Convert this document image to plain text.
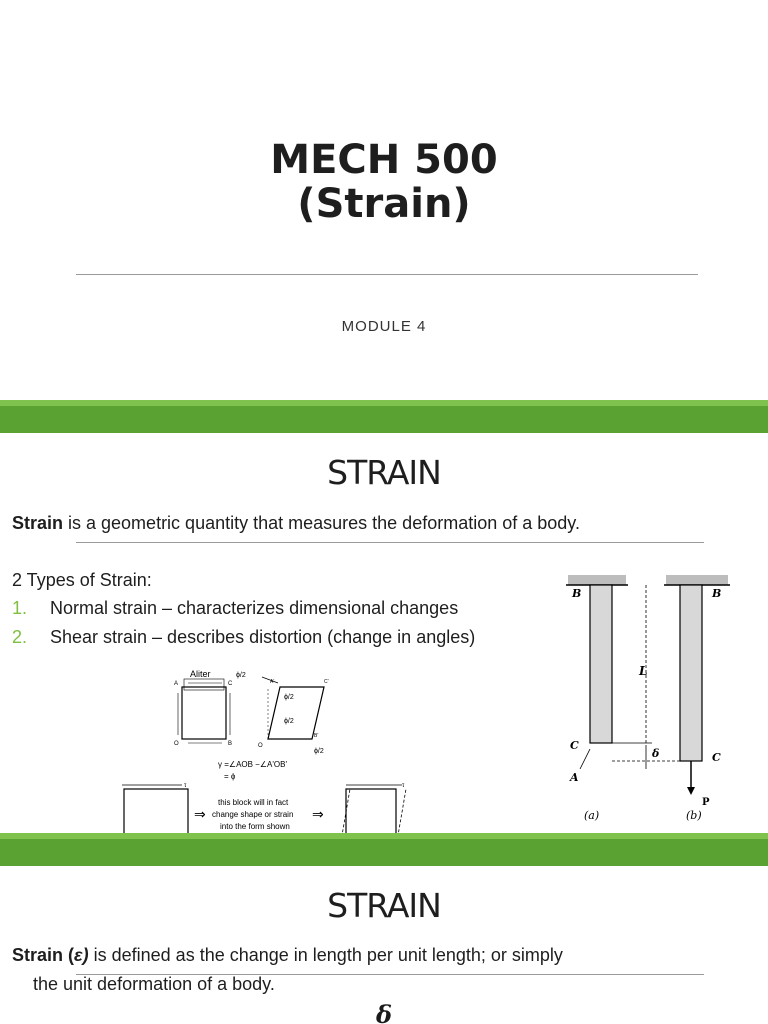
MECH 500
(Strain)
MODULE 4
STRAIN
Strain is a geometric quantity that measures the deformation of a body.
2 Types of Strain:
1. Normal strain – characterizes dimensional changes
2. Shear strain – describes distortion (change in angles)
B	B
L
C
C
A
δ
P
(a)	(b)
Aliter
A	C
O	B
ϕ/2
ϕ/2
ϕ/2
ϕ/2
A'	C'
B'
O
γ =∠AOB −∠A'OB'
= ϕ
τ
⇒
this block will in fact
change shape or strain
into the form shown
⇒
τ
STRAIN
Strain (ε) is defined as the change in length per unit length; or simply
the unit deformation of a body.
δ
